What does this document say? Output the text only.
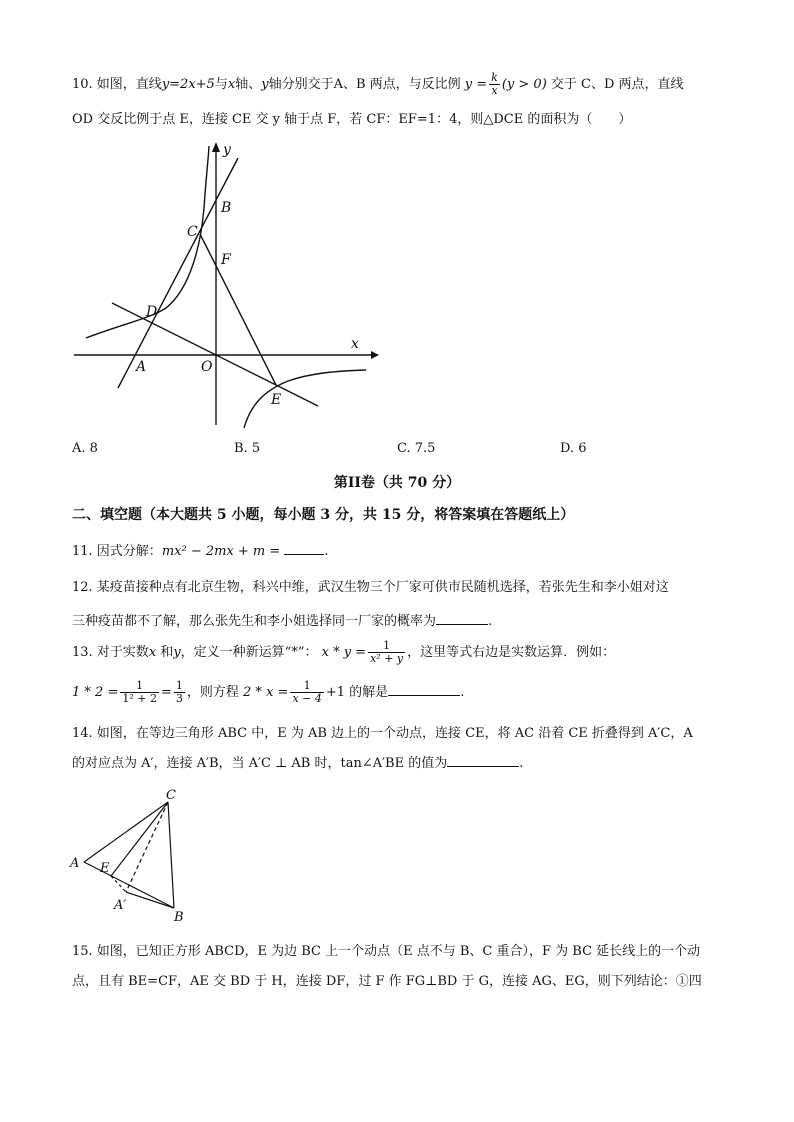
10. 如图，直线y=2x+5与x轴、y轴分别交于A、B 两点，与反比例 $y = \frac{k}{x} (y > 0)$ 交于 C、D 两点，直线
OD 交反比例于点 E，连接 CE 交 y 轴于点 F，若 CF：EF=1：4，则△DCE 的面积为（　　）
y
x
B
C
F
D
A	O
E
A. 8	B. 5	C. 7.5	D. 6
第II卷（共 70 分）
二、填空题（本大题共 5 小题，每小题 3 分，共 15 分，将答案填在答题纸上）
11. 因式分解：mx² − 2mx + m =	.
12. 某疫苗接种点有北京生物，科兴中维，武汉生物三个厂家可供市民随机选择，若张先生和李小姐对这
三种疫苗都不了解，那么张先生和李小姐选择同一厂家的概率为	.
13. 对于实数x 和y，定义一种新运算“*”： $x * y = \frac{1}{\text{x² + y}}$ ，这里等式右边是实数运算．例如：
$1 * 2 = \frac{1}{\text{1² + 2}} = \frac{1}{3}$ ，则方程 $2 * x = \frac{1}{x - 4} +1$ 的解是	.
14. 如图，在等边三角形 ABC 中，E 为 AB 边上的一个动点，连接 CE，将 AC 沿着 CE 折叠得到 A′C，A
的对应点为 A′，连接 A′B，当 A′C ⊥ AB 时，tan∠A′BE 的值为	.
C
A E
A′
B
15. 如图，已知正方形 ABCD，E 为边 BC 上一个动点（E 点不与 B、C 重合），F 为 BC 延长线上的一个动
点，且有 BE=CF，AE 交 BD 于 H，连接 DF，过 F 作 FG⊥BD 于 G，连接 AG、EG，则下列结论：①四
